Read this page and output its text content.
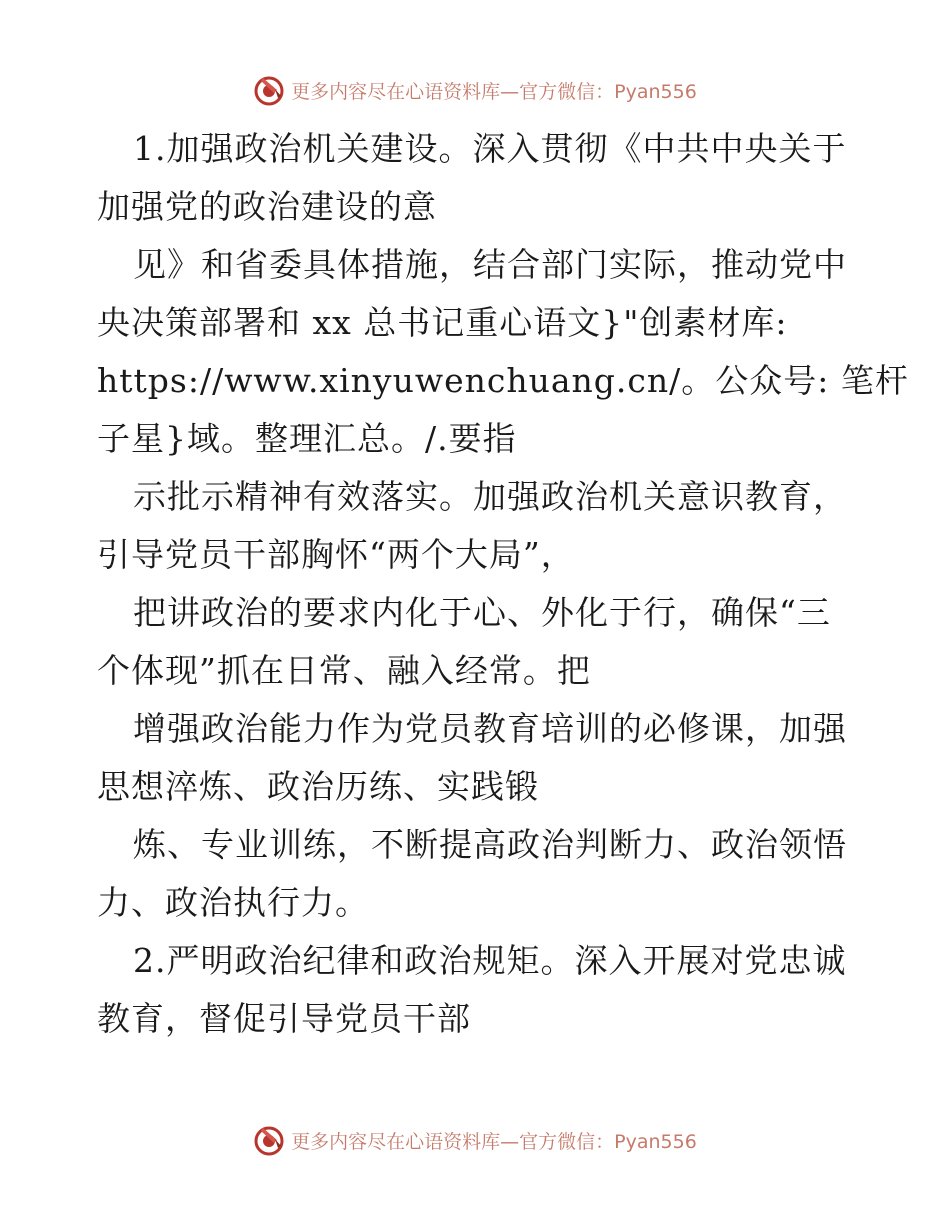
更多内容尽在心语资料库—官方微信：Pyan556
1.加强政治机关建设。深入贯彻《中共中央关于
加强党的政治建设的意
见》和省委具体措施，结合部门实际，推动党中
央决策部署和 xx 总书记重心语文}"创素材库:
https://www.xinyuwenchuang.cn/。公众号: 笔杆
子星}域。整理汇总。/.要指
示批示精神有效落实。加强政治机关意识教育，
引导党员干部胸怀“两个大局”，
把讲政治的要求内化于心、外化于行，确保“三
个体现”抓在日常、融入经常。把
增强政治能力作为党员教育培训的必修课，加强
思想淬炼、政治历练、实践锻
炼、专业训练，不断提高政治判断力、政治领悟
力、政治执行力。
2.严明政治纪律和政治规矩。深入开展对党忠诚
教育，督促引导党员干部
更多内容尽在心语资料库—官方微信：Pyan556
